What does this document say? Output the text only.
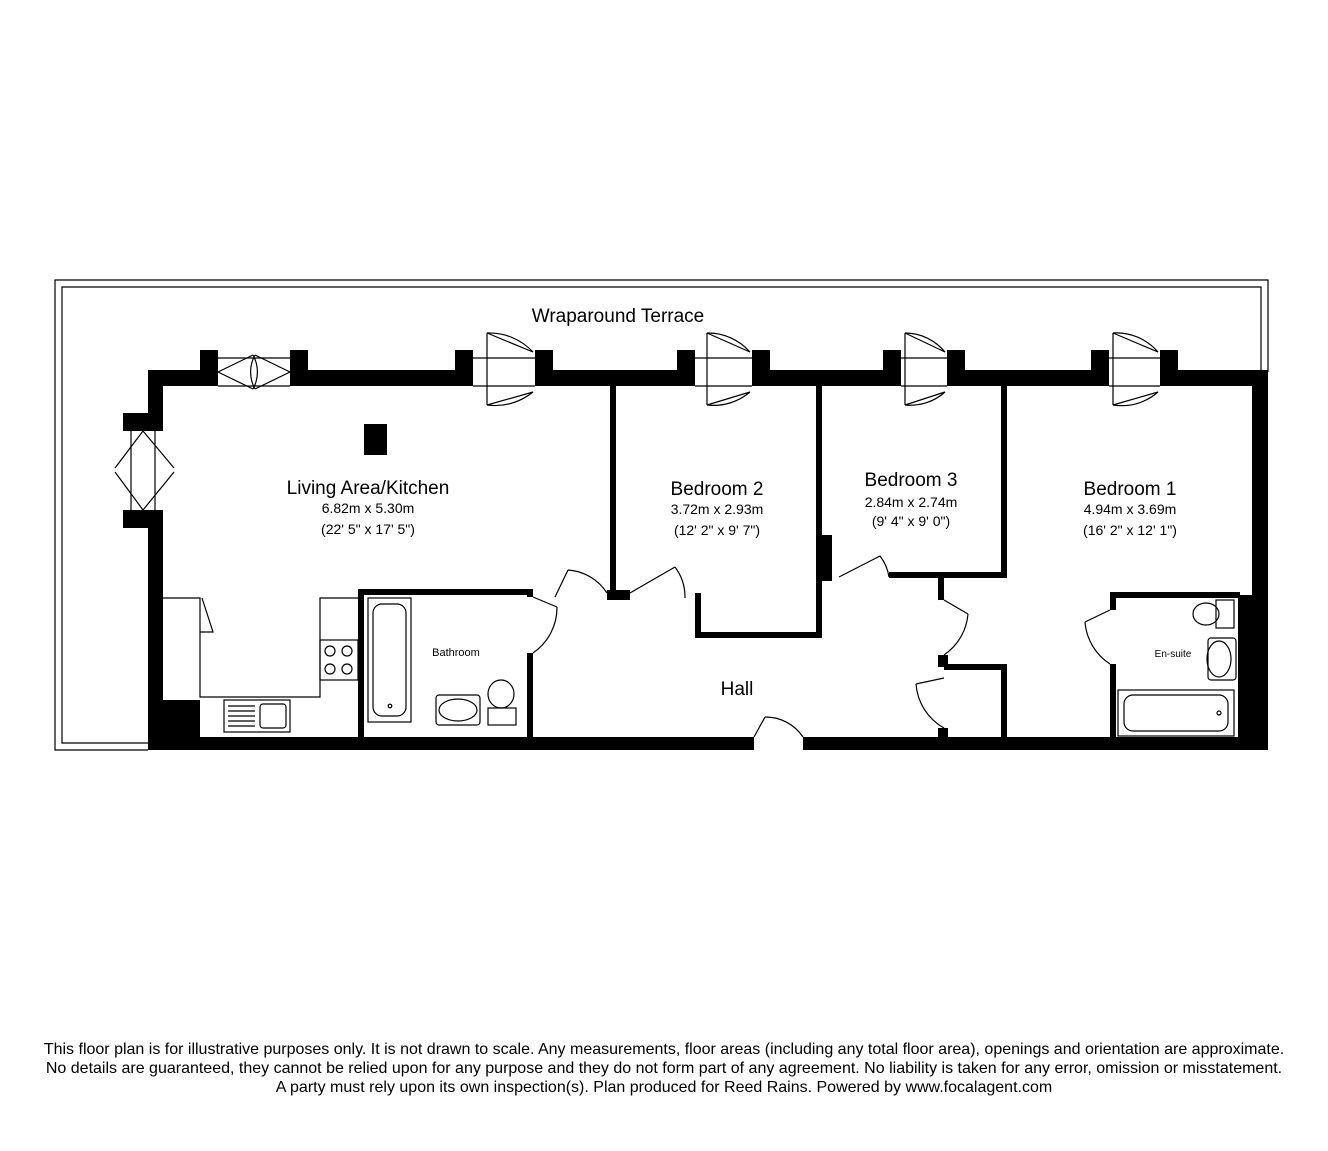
Wraparound Terrace
Living Area/Kitchen
6.82m x 5.30m
(22' 5" x 17' 5")
Bedroom 2
3.72m x 2.93m
(12' 2" x 9' 7")
Bedroom 3
2.84m x 2.74m
(9' 4" x 9' 0")
Bedroom 1
4.94m x 3.69m
(16' 2" x 12' 1")
Bathroom	En-suite
Hall
This floor plan is for illustrative purposes only. It is not drawn to scale. Any measurements, floor areas (including any total floor area), openings and orientation are approximate. No details are guaranteed, they cannot be relied upon for any purpose and they do not form part of any agreement. No liability is taken for any error, omission or misstatement. A party must rely upon its own inspection(s). Plan produced for Reed Rains. Powered by www.focalagent.com
